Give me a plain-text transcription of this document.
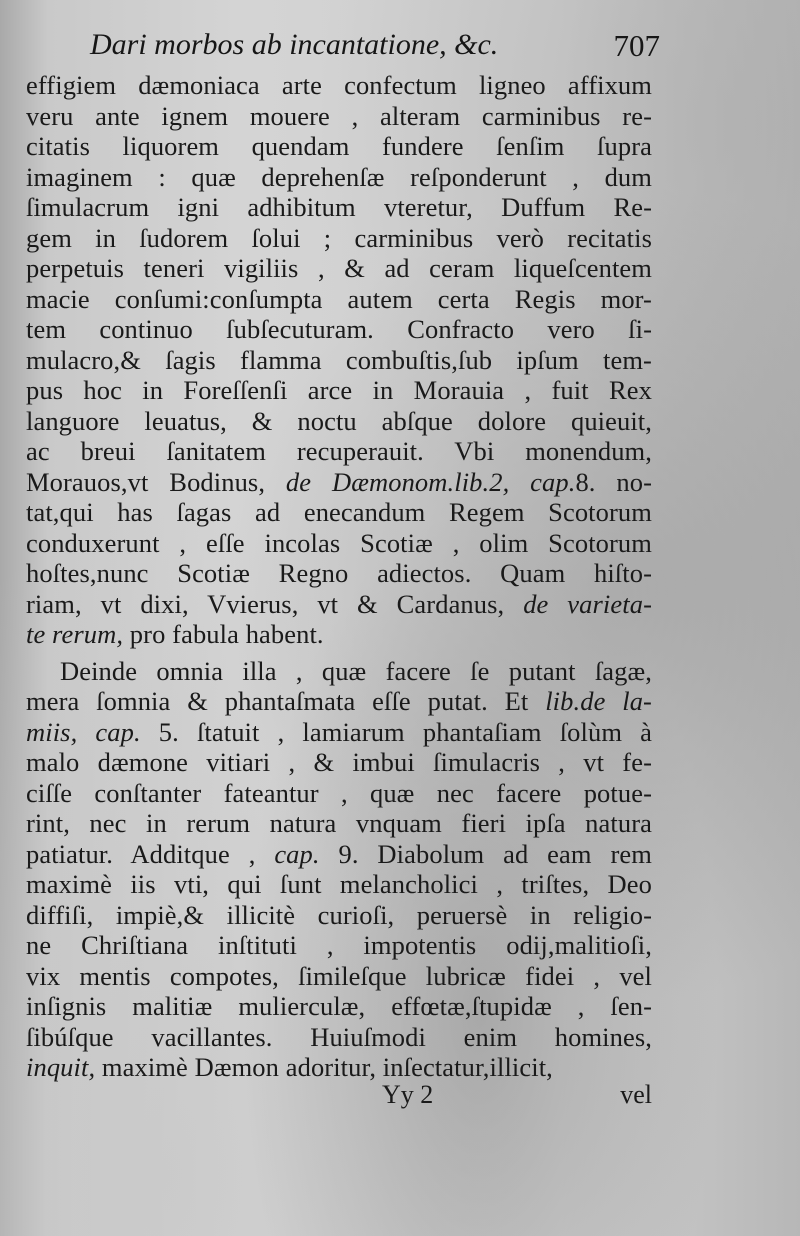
Dari morbos ab incantatione, &c.	707
effigiem dæmoniaca arte confectum ligneo affixum
veru ante ignem mouere , alteram carminibus re-
citatis liquorem quendam fundere ſenſim ſupra
imaginem : quæ deprehenſæ reſponderunt , dum
ſimulacrum igni adhibitum vteretur, Duffum Re-
gem in ſudorem ſolui ; carminibus verò recitatis
perpetuis teneri vigiliis , & ad ceram liqueſcentem
macie conſumi:conſumpta autem certa Regis mor-
tem continuo ſubſecuturam. Confracto vero ſi-
mulacro,& ſagis flamma combuſtis,ſub ipſum tem-
pus hoc in Foreſſenſi arce in Morauia , fuit Rex
languore leuatus, & noctu abſque dolore quieuit,
ac breui ſanitatem recuperauit. Vbi monendum,
Morauos,vt Bodinus, de Dæmonom.lib.2, cap.8. no-
tat,qui has ſagas ad enecandum Regem Scotorum
conduxerunt , eſſe incolas Scotiæ , olim Scotorum
hoſtes,nunc Scotiæ Regno adiectos. Quam hiſto-
riam, vt dixi, Vvierus, vt & Cardanus, de varieta-
te rerum, pro fabula habent.
Deinde omnia illa , quæ facere ſe putant ſagæ,
mera ſomnia & phantaſmata eſſe putat. Et lib.de la-
miis, cap. 5. ſtatuit , lamiarum phantaſiam ſolùm à
malo dæmone vitiari , & imbui ſimulacris , vt fe-
ciſſe conſtanter fateantur , quæ nec facere potue-
rint, nec in rerum natura vnquam fieri ipſa natura
patiatur. Additque , cap. 9. Diabolum ad eam rem
maximè iis vti, qui ſunt melancholici , triſtes, Deo
diffiſi, impiè,& illicitè curioſi, peruersè in religio-
ne Chriſtiana inſtituti , impotentis odij,malitioſi,
vix mentis compotes, ſimileſque lubricæ fidei , vel
inſignis malitiæ mulierculæ, effœtæ,ſtupidæ , ſen-
ſibúſque vacillantes. Huiuſmodi enim homines,
inquit, maximè Dæmon adoritur, inſectatur,illicit,
Yy 2	vel
